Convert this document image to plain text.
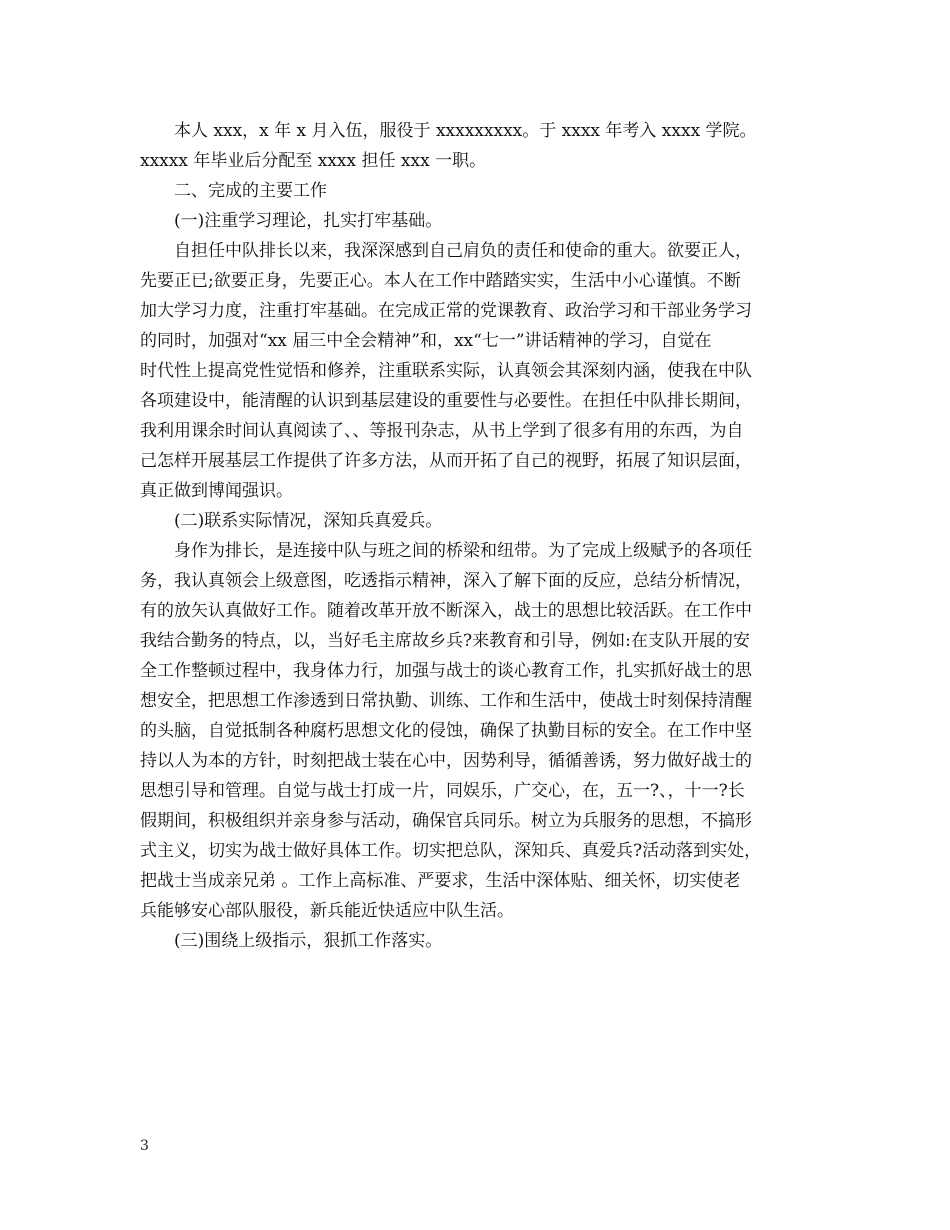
本人 xxx，x 年 x 月入伍，服役于 xxxxxxxxx。于 xxxx 年考入 xxxx 学院。
xxxxx 年毕业后分配至 xxxx 担任 xxx 一职。
二、完成的主要工作
(一)注重学习理论，扎实打牢基础。
自担任中队排长以来，我深深感到自己肩负的责任和使命的重大。欲要正人，
先要正已;欲要正身，先要正心。本人在工作中踏踏实实，生活中小心谨慎。不断
加大学习力度，注重打牢基础。在完成正常的党课教育、政治学习和干部业务学习
的同时，加强对“xx 届三中全会精神”和，xx“七一”讲话精神的学习，自觉在
时代性上提高党性觉悟和修养，注重联系实际，认真领会其深刻内涵，使我在中队
各项建设中，能清醒的认识到基层建设的重要性与必要性。在担任中队排长期间，
我利用课余时间认真阅读了、、等报刊杂志，从书上学到了很多有用的东西，为自
己怎样开展基层工作提供了许多方法，从而开拓了自己的视野，拓展了知识层面，
真正做到博闻强识。
(二)联系实际情况，深知兵真爱兵。
身作为排长，是连接中队与班之间的桥梁和纽带。为了完成上级赋予的各项任
务，我认真领会上级意图，吃透指示精神，深入了解下面的反应，总结分析情况，
有的放矢认真做好工作。随着改革开放不断深入，战士的思想比较活跃。在工作中
我结合勤务的特点，以，当好毛主席故乡兵?来教育和引导，例如:在支队开展的安
全工作整顿过程中，我身体力行，加强与战士的谈心教育工作，扎实抓好战士的思
想安全，把思想工作渗透到日常执勤、训练、工作和生活中，使战士时刻保持清醒
的头脑，自觉抵制各种腐朽思想文化的侵蚀，确保了执勤目标的安全。在工作中坚
持以人为本的方针，时刻把战士装在心中，因势利导，循循善诱，努力做好战士的
思想引导和管理。自觉与战士打成一片，同娱乐，广交心，在，五一?、，十一?长
假期间，积极组织并亲身参与活动，确保官兵同乐。树立为兵服务的思想，不搞形
式主义，切实为战士做好具体工作。切实把总队，深知兵、真爱兵?活动落到实处，
把战士当成亲兄弟 。工作上高标准、严要求，生活中深体贴、细关怀，切实使老
兵能够安心部队服役，新兵能近快适应中队生活。
(三)围绕上级指示，狠抓工作落实。
3
